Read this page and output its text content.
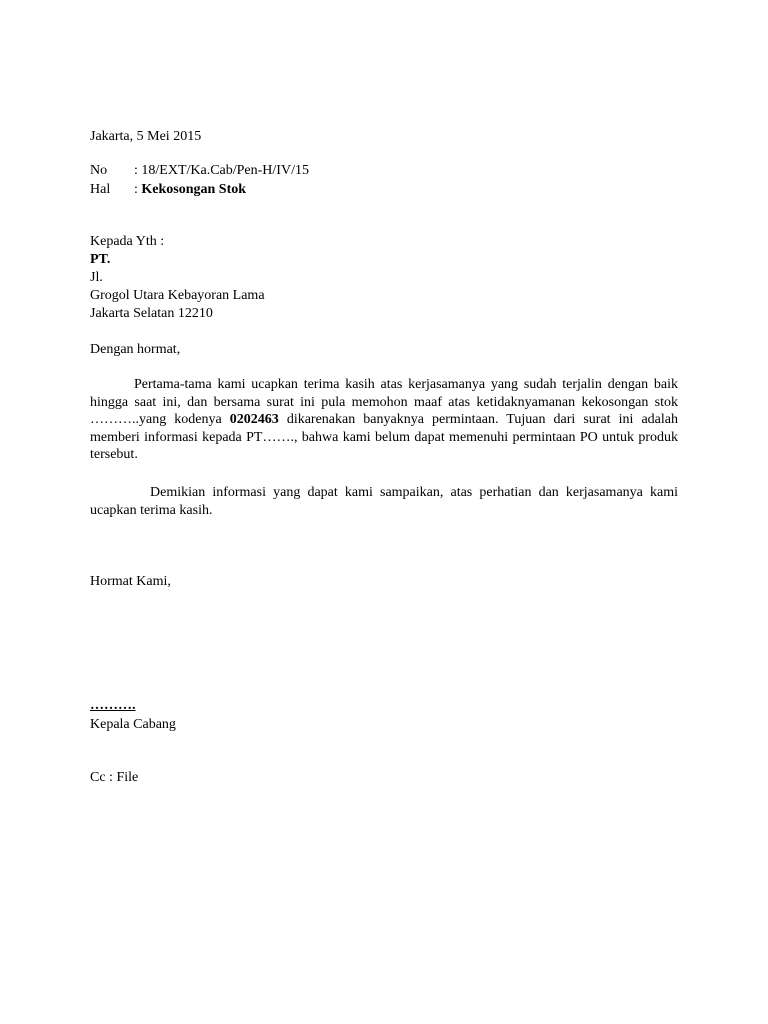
Jakarta, 5 Mei 2015
No : 18/EXT/Ka.Cab/Pen-H/IV/15
Hal : Kekosongan Stok
Kepada Yth :
PT.
Jl.
Grogol Utara Kebayoran Lama
Jakarta Selatan 12210
Dengan hormat,
Pertama-tama kami ucapkan terima kasih atas kerjasamanya yang sudah terjalin dengan baik hingga saat ini, dan bersama surat ini pula memohon maaf atas ketidaknyamanan kekosongan stok ………..yang kodenya 0202463 dikarenakan banyaknya permintaan. Tujuan dari surat ini adalah memberi informasi kepada PT……., bahwa kami belum dapat memenuhi permintaan PO untuk produk tersebut.
Demikian informasi yang dapat kami sampaikan, atas perhatian dan kerjasamanya kami ucapkan terima kasih.
Hormat Kami,
……….
Kepala Cabang
Cc : File
